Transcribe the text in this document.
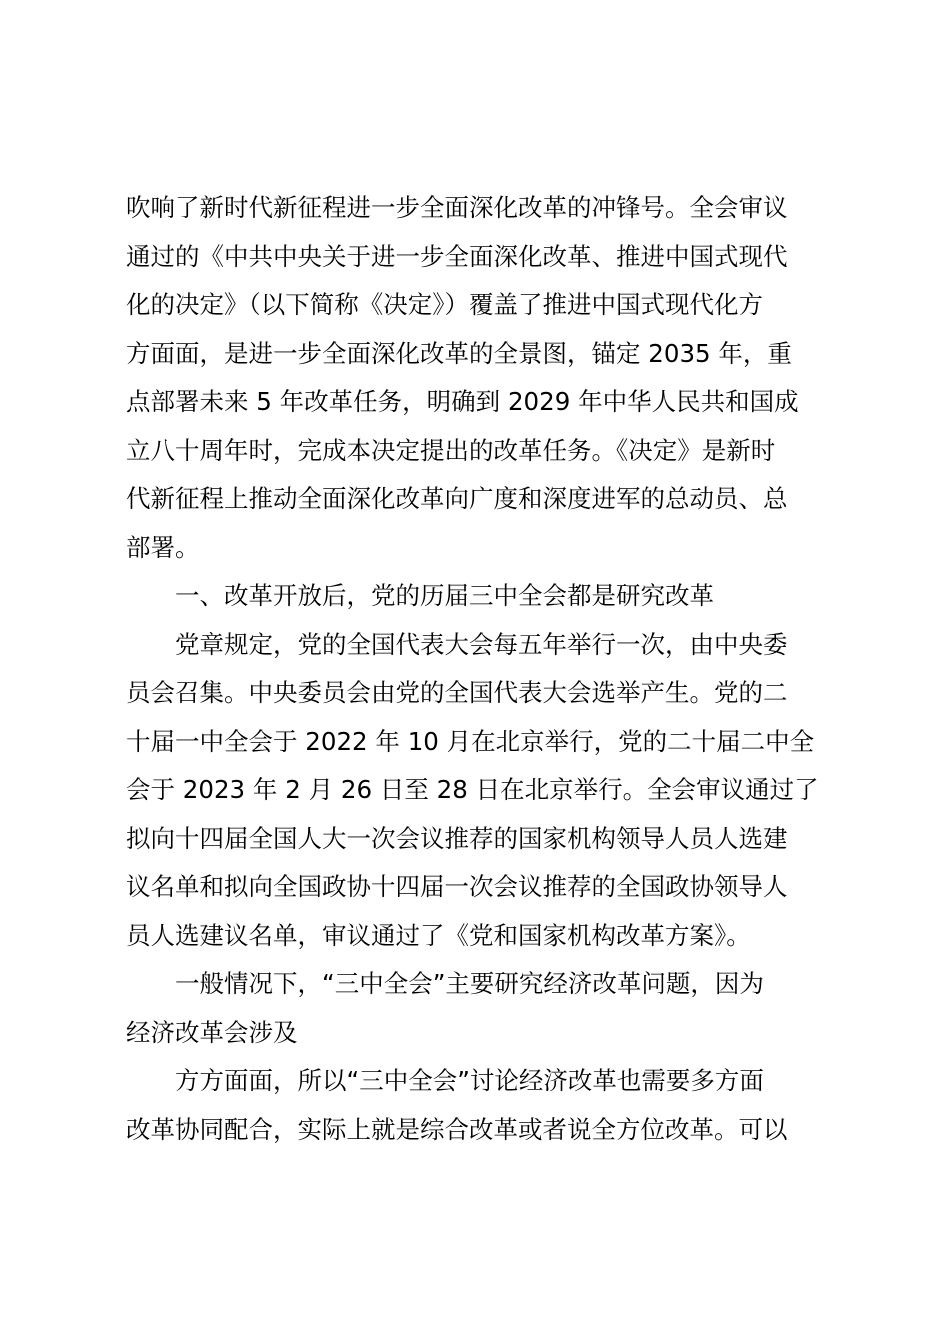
吹响了新时代新征程进一步全面深化改革的冲锋号。全会审议
通过的《中共中央关于进一步全面深化改革、推进中国式现代
化的决定》（以下简称《决定》）覆盖了推进中国式现代化方
方面面，是进一步全面深化改革的全景图，锚定 2035 年，重
点部署未来 5 年改革任务，明确到 2029 年中华人民共和国成
立八十周年时，完成本决定提出的改革任务。《决定》是新时
代新征程上推动全面深化改革向广度和深度进军的总动员、总
部署。
一、改革开放后，党的历届三中全会都是研究改革
党章规定，党的全国代表大会每五年举行一次，由中央委
员会召集。中央委员会由党的全国代表大会选举产生。党的二
十届一中全会于 2022 年 10 月在北京举行，党的二十届二中全
会于 2023 年 2 月 26 日至 28 日在北京举行。全会审议通过了
拟向十四届全国人大一次会议推荐的国家机构领导人员人选建
议名单和拟向全国政协十四届一次会议推荐的全国政协领导人
员人选建议名单，审议通过了《党和国家机构改革方案》。
一般情况下，“三中全会”主要研究经济改革问题，因为
经济改革会涉及
方方面面，所以“三中全会”讨论经济改革也需要多方面
改革协同配合，实际上就是综合改革或者说全方位改革。可以
